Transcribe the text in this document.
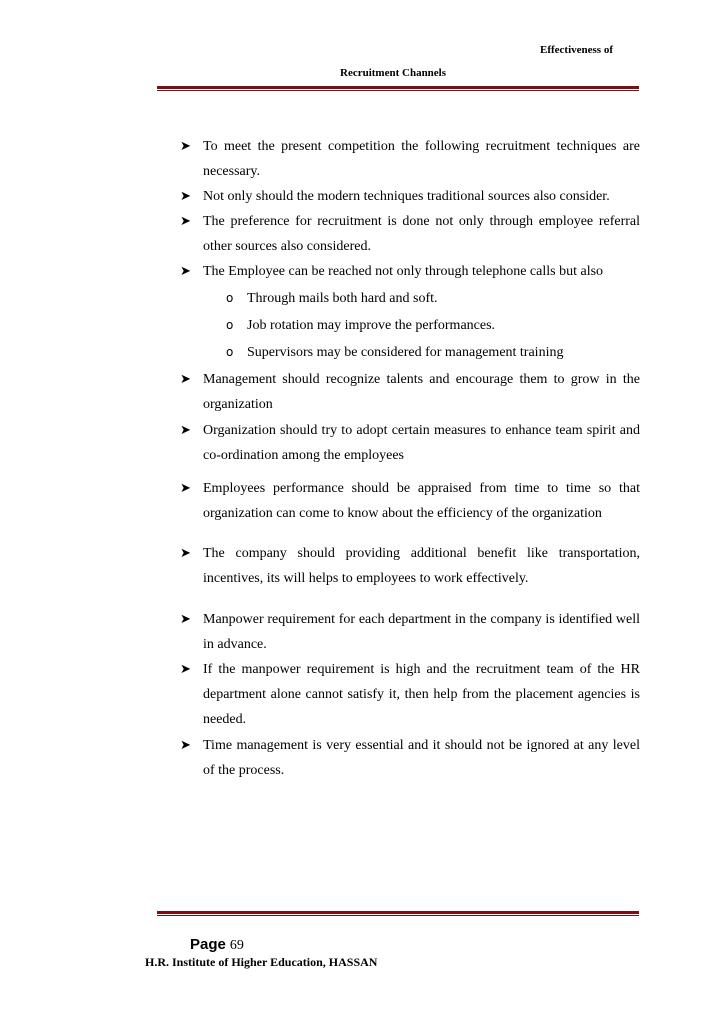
Effectiveness of
Recruitment Channels
➤ To meet the present competition the following recruitment techniques are necessary.
➤ Not only should the modern techniques traditional sources also consider.
➤ The preference for recruitment is done not only through employee referral other sources also considered.
➤ The Employee can be reached not only through telephone calls but also
o Through mails both hard and soft.
o Job rotation may improve the performances.
o Supervisors may be considered for management training
➤ Management should recognize talents and encourage them to grow in the organization
➤ Organization should try to adopt certain measures to enhance team spirit and co-ordination among the employees
➤ Employees performance should be appraised from time to time so that organization can come to know about the efficiency of the organization
➤ The company should providing additional benefit like transportation, incentives, its will helps to employees to work effectively.
➤ Manpower requirement for each department in the company is identified well in advance.
➤ If the manpower requirement is high and the recruitment team of the HR department alone cannot satisfy it, then help from the placement agencies is needed.
➤ Time management is very essential and it should not be ignored at any level of the process.
Page 69
H.R. Institute of Higher Education, HASSAN
